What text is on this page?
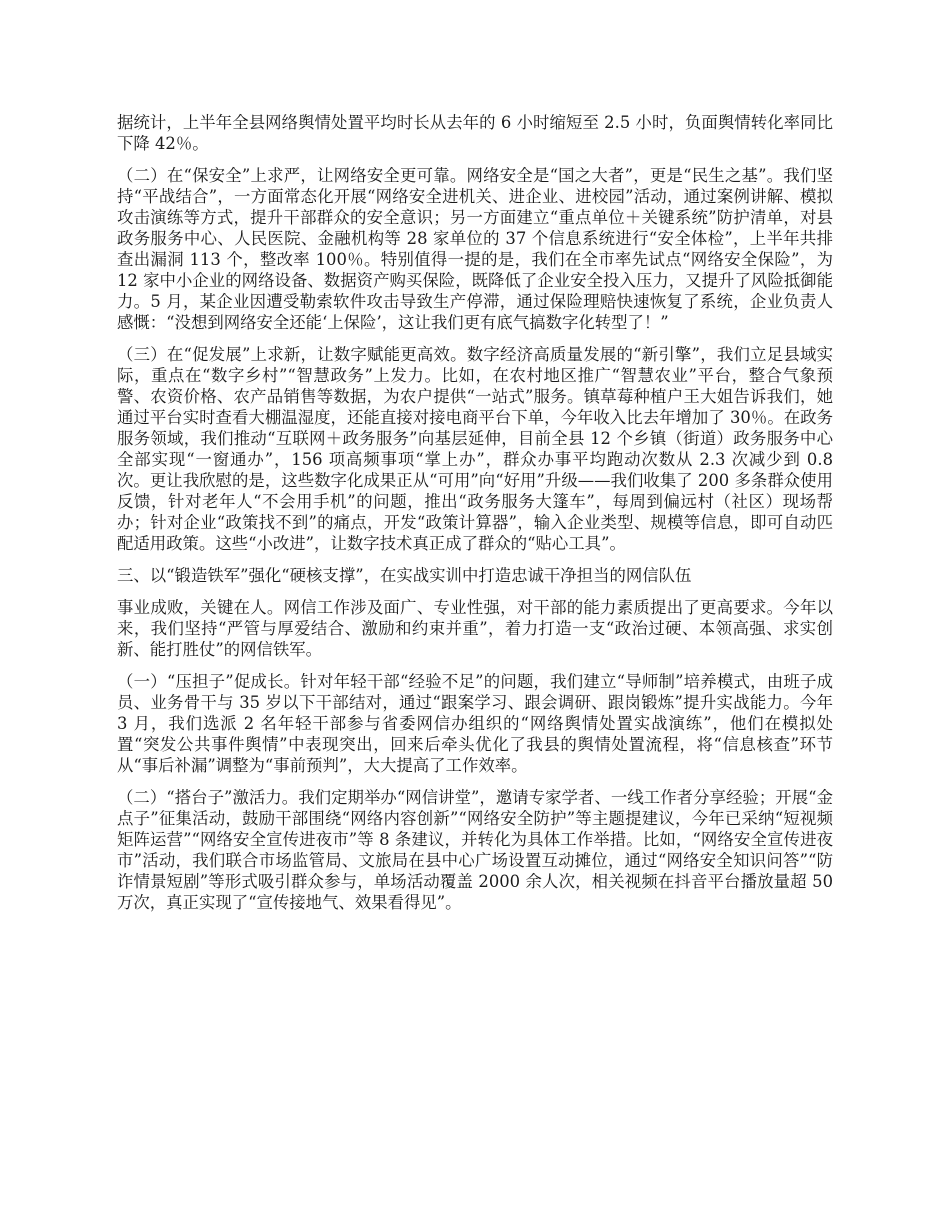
据统计，上半年全县网络舆情处置平均时长从去年的 6 小时缩短至 2.5 小时，负面舆情转化率同比下降 42％。

（二）在“保安全”上求严，让网络安全更可靠。网络安全是“国之大者”，更是“民生之基”。我们坚持“平战结合”，一方面常态化开展“网络安全进机关、进企业、进校园”活动，通过案例讲解、模拟攻击演练等方式，提升干部群众的安全意识；另一方面建立“重点单位＋关键系统”防护清单，对县政务服务中心、人民医院、金融机构等 28 家单位的 37 个信息系统进行“安全体检”，上半年共排查出漏洞 113 个，整改率 100％。特别值得一提的是，我们在全市率先试点“网络安全保险”，为 12 家中小企业的网络设备、数据资产购买保险，既降低了企业安全投入压力，又提升了风险抵御能力。5 月，某企业因遭受勒索软件攻击导致生产停滞，通过保险理赔快速恢复了系统，企业负责人感慨：“没想到网络安全还能‘上保险’，这让我们更有底气搞数字化转型了！”

（三）在“促发展”上求新，让数字赋能更高效。数字经济高质量发展的“新引擎”，我们立足县域实际，重点在“数字乡村”“智慧政务”上发力。比如，在农村地区推广“智慧农业”平台，整合气象预警、农资价格、农产品销售等数据，为农户提供“一站式”服务。镇草莓种植户王大姐告诉我们，她通过平台实时查看大棚温湿度，还能直接对接电商平台下单，今年收入比去年增加了 30％。在政务服务领域，我们推动“互联网＋政务服务”向基层延伸，目前全县 12 个乡镇（街道）政务服务中心全部实现“一窗通办”，156 项高频事项“掌上办”，群众办事平均跑动次数从 2.3 次减少到 0.8 次。更让我欣慰的是，这些数字化成果正从“可用”向“好用”升级——我们收集了 200 多条群众使用反馈，针对老年人“不会用手机”的问题，推出“政务服务大篷车”，每周到偏远村（社区）现场帮办；针对企业“政策找不到”的痛点，开发“政策计算器”，输入企业类型、规模等信息，即可自动匹配适用政策。这些“小改进”，让数字技术真正成了群众的“贴心工具”。

三、以“锻造铁军”强化“硬核支撑”，在实战实训中打造忠诚干净担当的网信队伍

事业成败，关键在人。网信工作涉及面广、专业性强，对干部的能力素质提出了更高要求。今年以来，我们坚持“严管与厚爱结合、激励和约束并重”，着力打造一支“政治过硬、本领高强、求实创新、能打胜仗”的网信铁军。

（一）“压担子”促成长。针对年轻干部“经验不足”的问题，我们建立“导师制”培养模式，由班子成员、业务骨干与 35 岁以下干部结对，通过“跟案学习、跟会调研、跟岗锻炼”提升实战能力。今年 3 月，我们选派 2 名年轻干部参与省委网信办组织的“网络舆情处置实战演练”，他们在模拟处置“突发公共事件舆情”中表现突出，回来后牵头优化了我县的舆情处置流程，将“信息核查”环节从“事后补漏”调整为“事前预判”，大大提高了工作效率。

（二）“搭台子”激活力。我们定期举办“网信讲堂”，邀请专家学者、一线工作者分享经验；开展“金点子”征集活动，鼓励干部围绕“网络内容创新”“网络安全防护”等主题提建议，今年已采纳“短视频矩阵运营”“网络安全宣传进夜市”等 8 条建议，并转化为具体工作举措。比如，“网络安全宣传进夜市”活动，我们联合市场监管局、文旅局在县中心广场设置互动摊位，通过“网络安全知识问答”“防诈情景短剧”等形式吸引群众参与，单场活动覆盖 2000 余人次，相关视频在抖音平台播放量超 50 万次，真正实现了“宣传接地气、效果看得见”。
